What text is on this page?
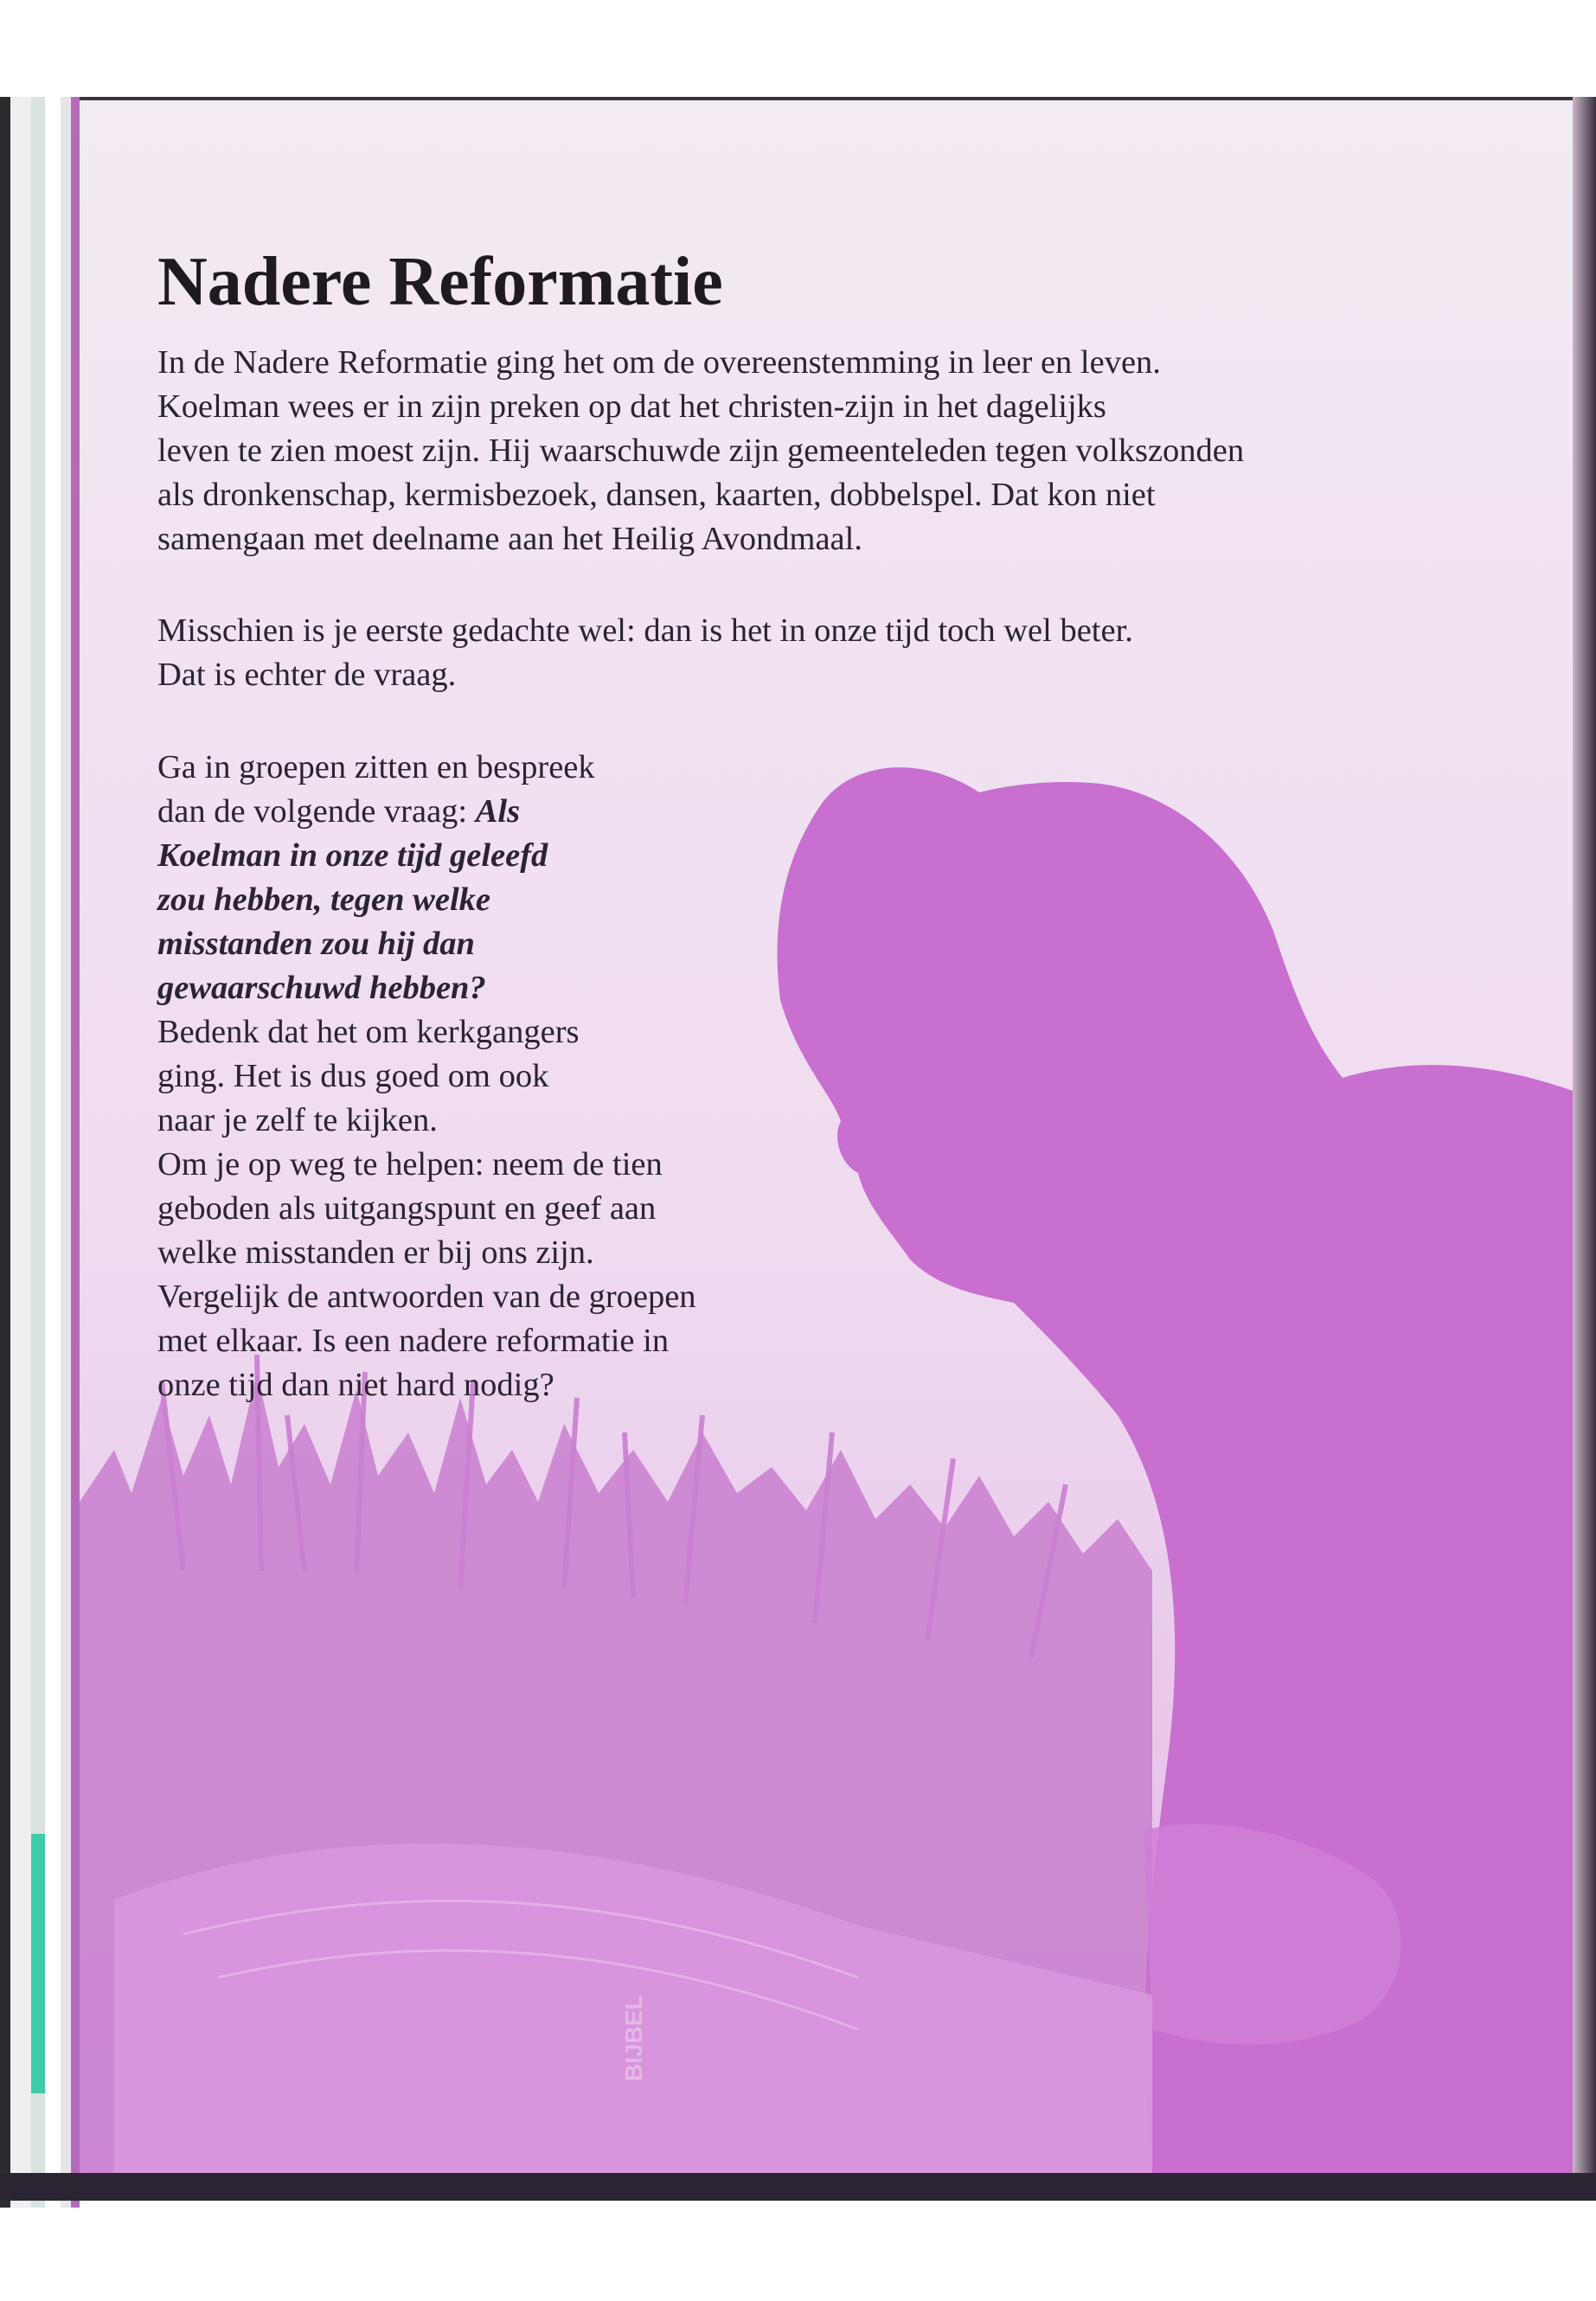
BIJBEL
Nadere Reformatie

In de Nadere Reformatie ging het om de overeenstemming in leer en leven.
Koelman wees er in zijn preken op dat het christen-zijn in het dagelijks
leven te zien moest zijn. Hij waarschuwde zijn gemeenteleden tegen volkszonden
als dronkenschap, kermisbezoek, dansen, kaarten, dobbelspel. Dat kon niet
samengaan met deelname aan het Heilig Avondmaal.

Misschien is je eerste gedachte wel: dan is het in onze tijd toch wel beter.
Dat is echter de vraag.

Ga in groepen zitten en bespreek
dan de volgende vraag: Als
Koelman in onze tijd geleefd
zou hebben, tegen welke
misstanden zou hij dan
gewaarschuwd hebben?
Bedenk dat het om kerkgangers
ging. Het is dus goed om ook
naar je zelf te kijken.
Om je op weg te helpen: neem de tien
geboden als uitgangspunt en geef aan
welke misstanden er bij ons zijn.
Vergelijk de antwoorden van de groepen
met elkaar. Is een nadere reformatie in
onze tijd dan niet hard nodig?
